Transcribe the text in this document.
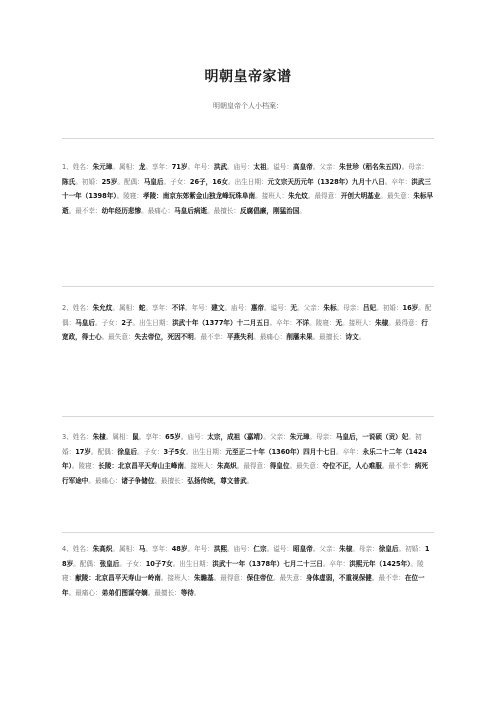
明朝皇帝家谱
明朝皇帝个人小档案：
1、姓名：朱元璋。属相：龙。享年：71岁。年号：洪武。庙号：太祖。谥号：高皇帝。父亲：朱世珍（稆名朱五四）。母亲：陈氏。初婚：25岁。配偶：马皇后。子女：26子，16女。出生日期：元文宗天历元年（1328年）九月十八日。卒年：洪武三十一年（1398年）。陵寝：孝陵：南京东郊紫金山独龙峰玩珠阜南。接班人：朱允炆。最得意：开创大明基业。最失意：朱标早逝。最不幸：幼年经历悲惨。最痛心：马皇后病逝。最擅长：反腐倡廉，刚猛治国。
2、姓名：朱允炆。属相：蛇。享年：不详。年号：建文。庙号：惠帝。谥号：无。父亲：朱标。母亲：吕妃。初婚：16岁。配偶：马皇后。子女：2子。出生日期：洪武十年（1377年）十二月五日。卒年：不详。陵寝：无。接班人：朱棣。最得意：行宽政，得士心。最失意：失去帝位，死因不明。最不幸：平燕失利。最痛心：削藩未果。最擅长：诗文。
3、姓名：朱棣。属相：鼠。享年：65岁。庙号：太宗，成祖（嘉靖）。父亲：朱元璋。母亲：马皇后，一说硕（贡）妃。初婚：17岁。配偶：徐皇后。子女：3子5女。出生日期：元至正二十年（1360年）四月十七日。卒年：永乐二十二年（1424年）。陵寝：长陵：北京昌平天寿山主峰南。接班人：朱高炽。最得意：得皇位。最失意：夺位不正，人心难服。最不幸：病死行军途中。最痛心：诸子争储位。最擅长：弘扬传统，尊文普武。
4、姓名：朱高炽。属相：马。享年：48岁。年号：洪熙。庙号：仁宗。谥号：昭皇帝。父亲：朱棣。母亲：徐皇后。初婚：18岁。配偶：张皇后。子女：10子7女。出生日期：洪武十一年（1378年）七月二十三日。卒年：洪熙元年（1425年）。陵寝：献陵：北京昌平天寿山一岭南。接班人：朱瞻基。最得意：保住帝位。最失意：身体虚弱，不重视保健。最不幸：在位一年。最痛心：弟弟们图谋夺嫡。最擅长：等待。
